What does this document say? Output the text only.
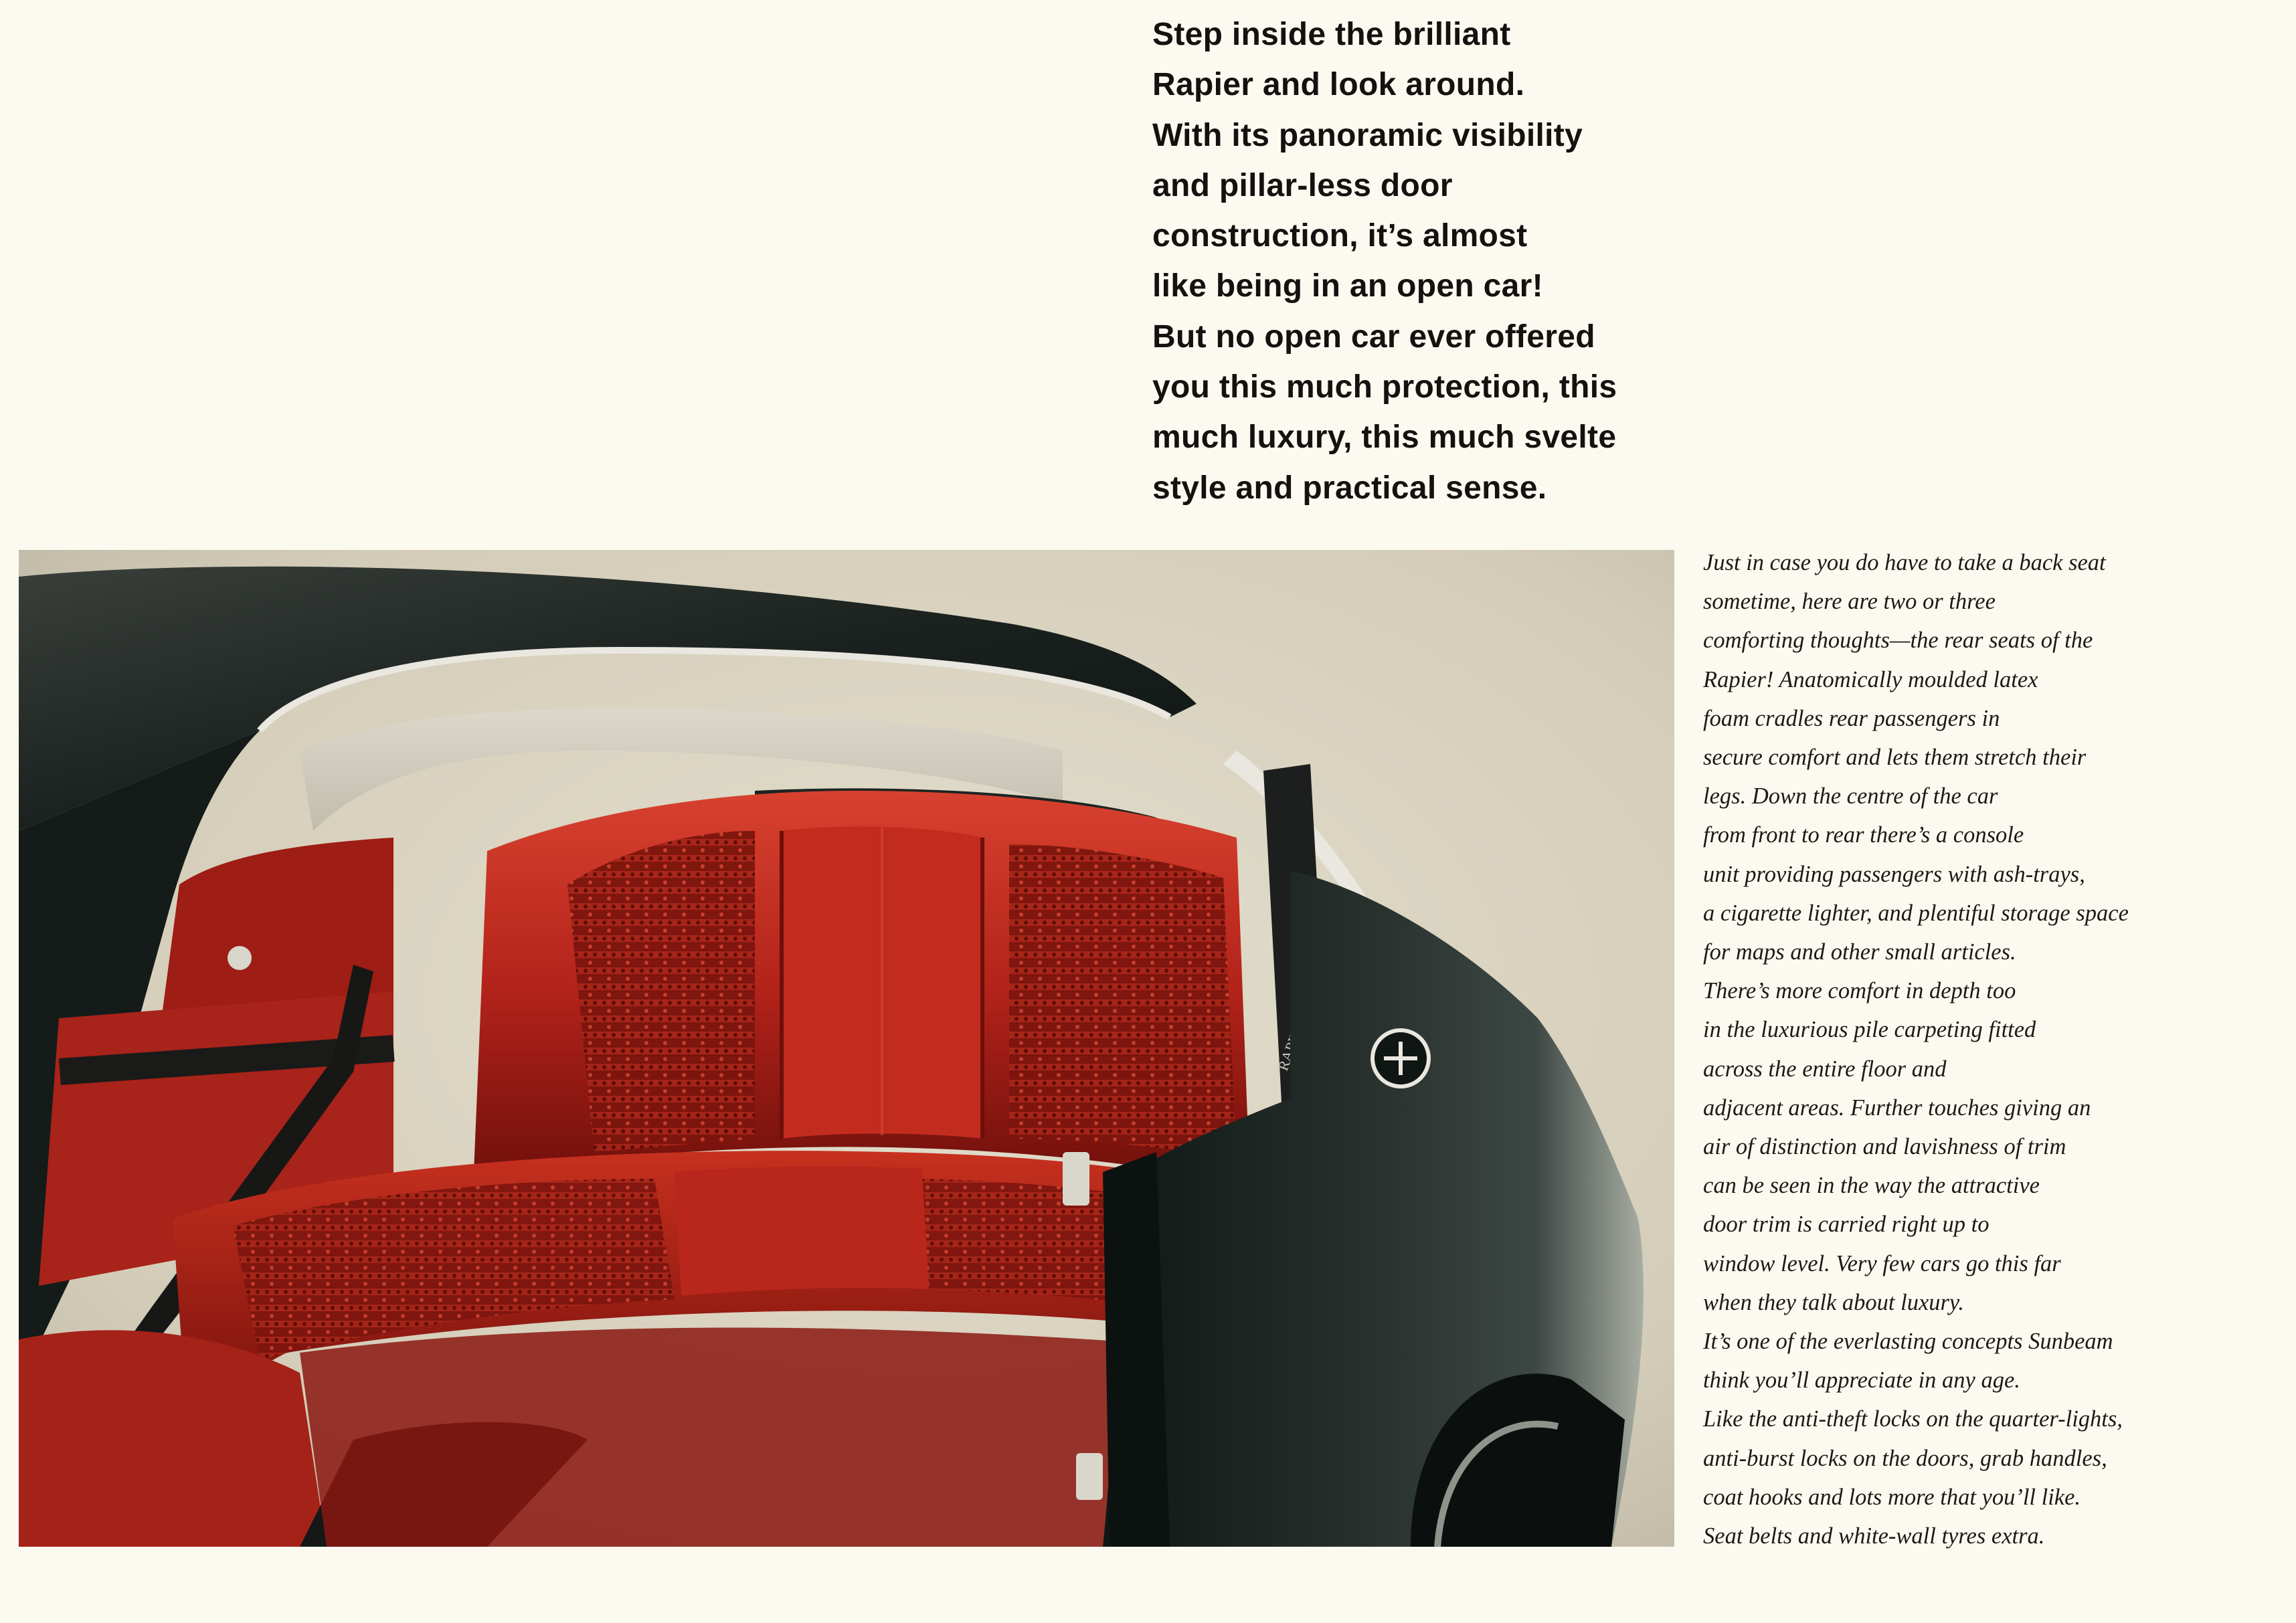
Step inside the brilliant
Rapier and look around.
With its panoramic visibility
and pillar-less door
construction, it’s almost
like being in an open car!
But no open car ever offered
you this much protection, this
much luxury, this much svelte
style and practical sense.

Just in case you do have to take a back seat
sometime, here are two or three
comforting thoughts—the rear seats of the
Rapier! Anatomically moulded latex
foam cradles rear passengers in
secure comfort and lets them stretch their
legs. Down the centre of the car
from front to rear there’s a console
unit providing passengers with ash-trays,
a cigarette lighter, and plentiful storage space
for maps and other small articles.
There’s more comfort in depth too
in the luxurious pile carpeting fitted
across the entire floor and
adjacent areas. Further touches giving an
air of distinction and lavishness of trim
can be seen in the way the attractive
door trim is carried right up to
window level. Very few cars go this far
when they talk about luxury.
It’s one of the everlasting concepts Sunbeam
think you’ll appreciate in any age.
Like the anti-theft locks on the quarter-lights,
anti-burst locks on the doors, grab handles,
coat hooks and lots more that you’ll like.
Seat belts and white-wall tyres extra.
